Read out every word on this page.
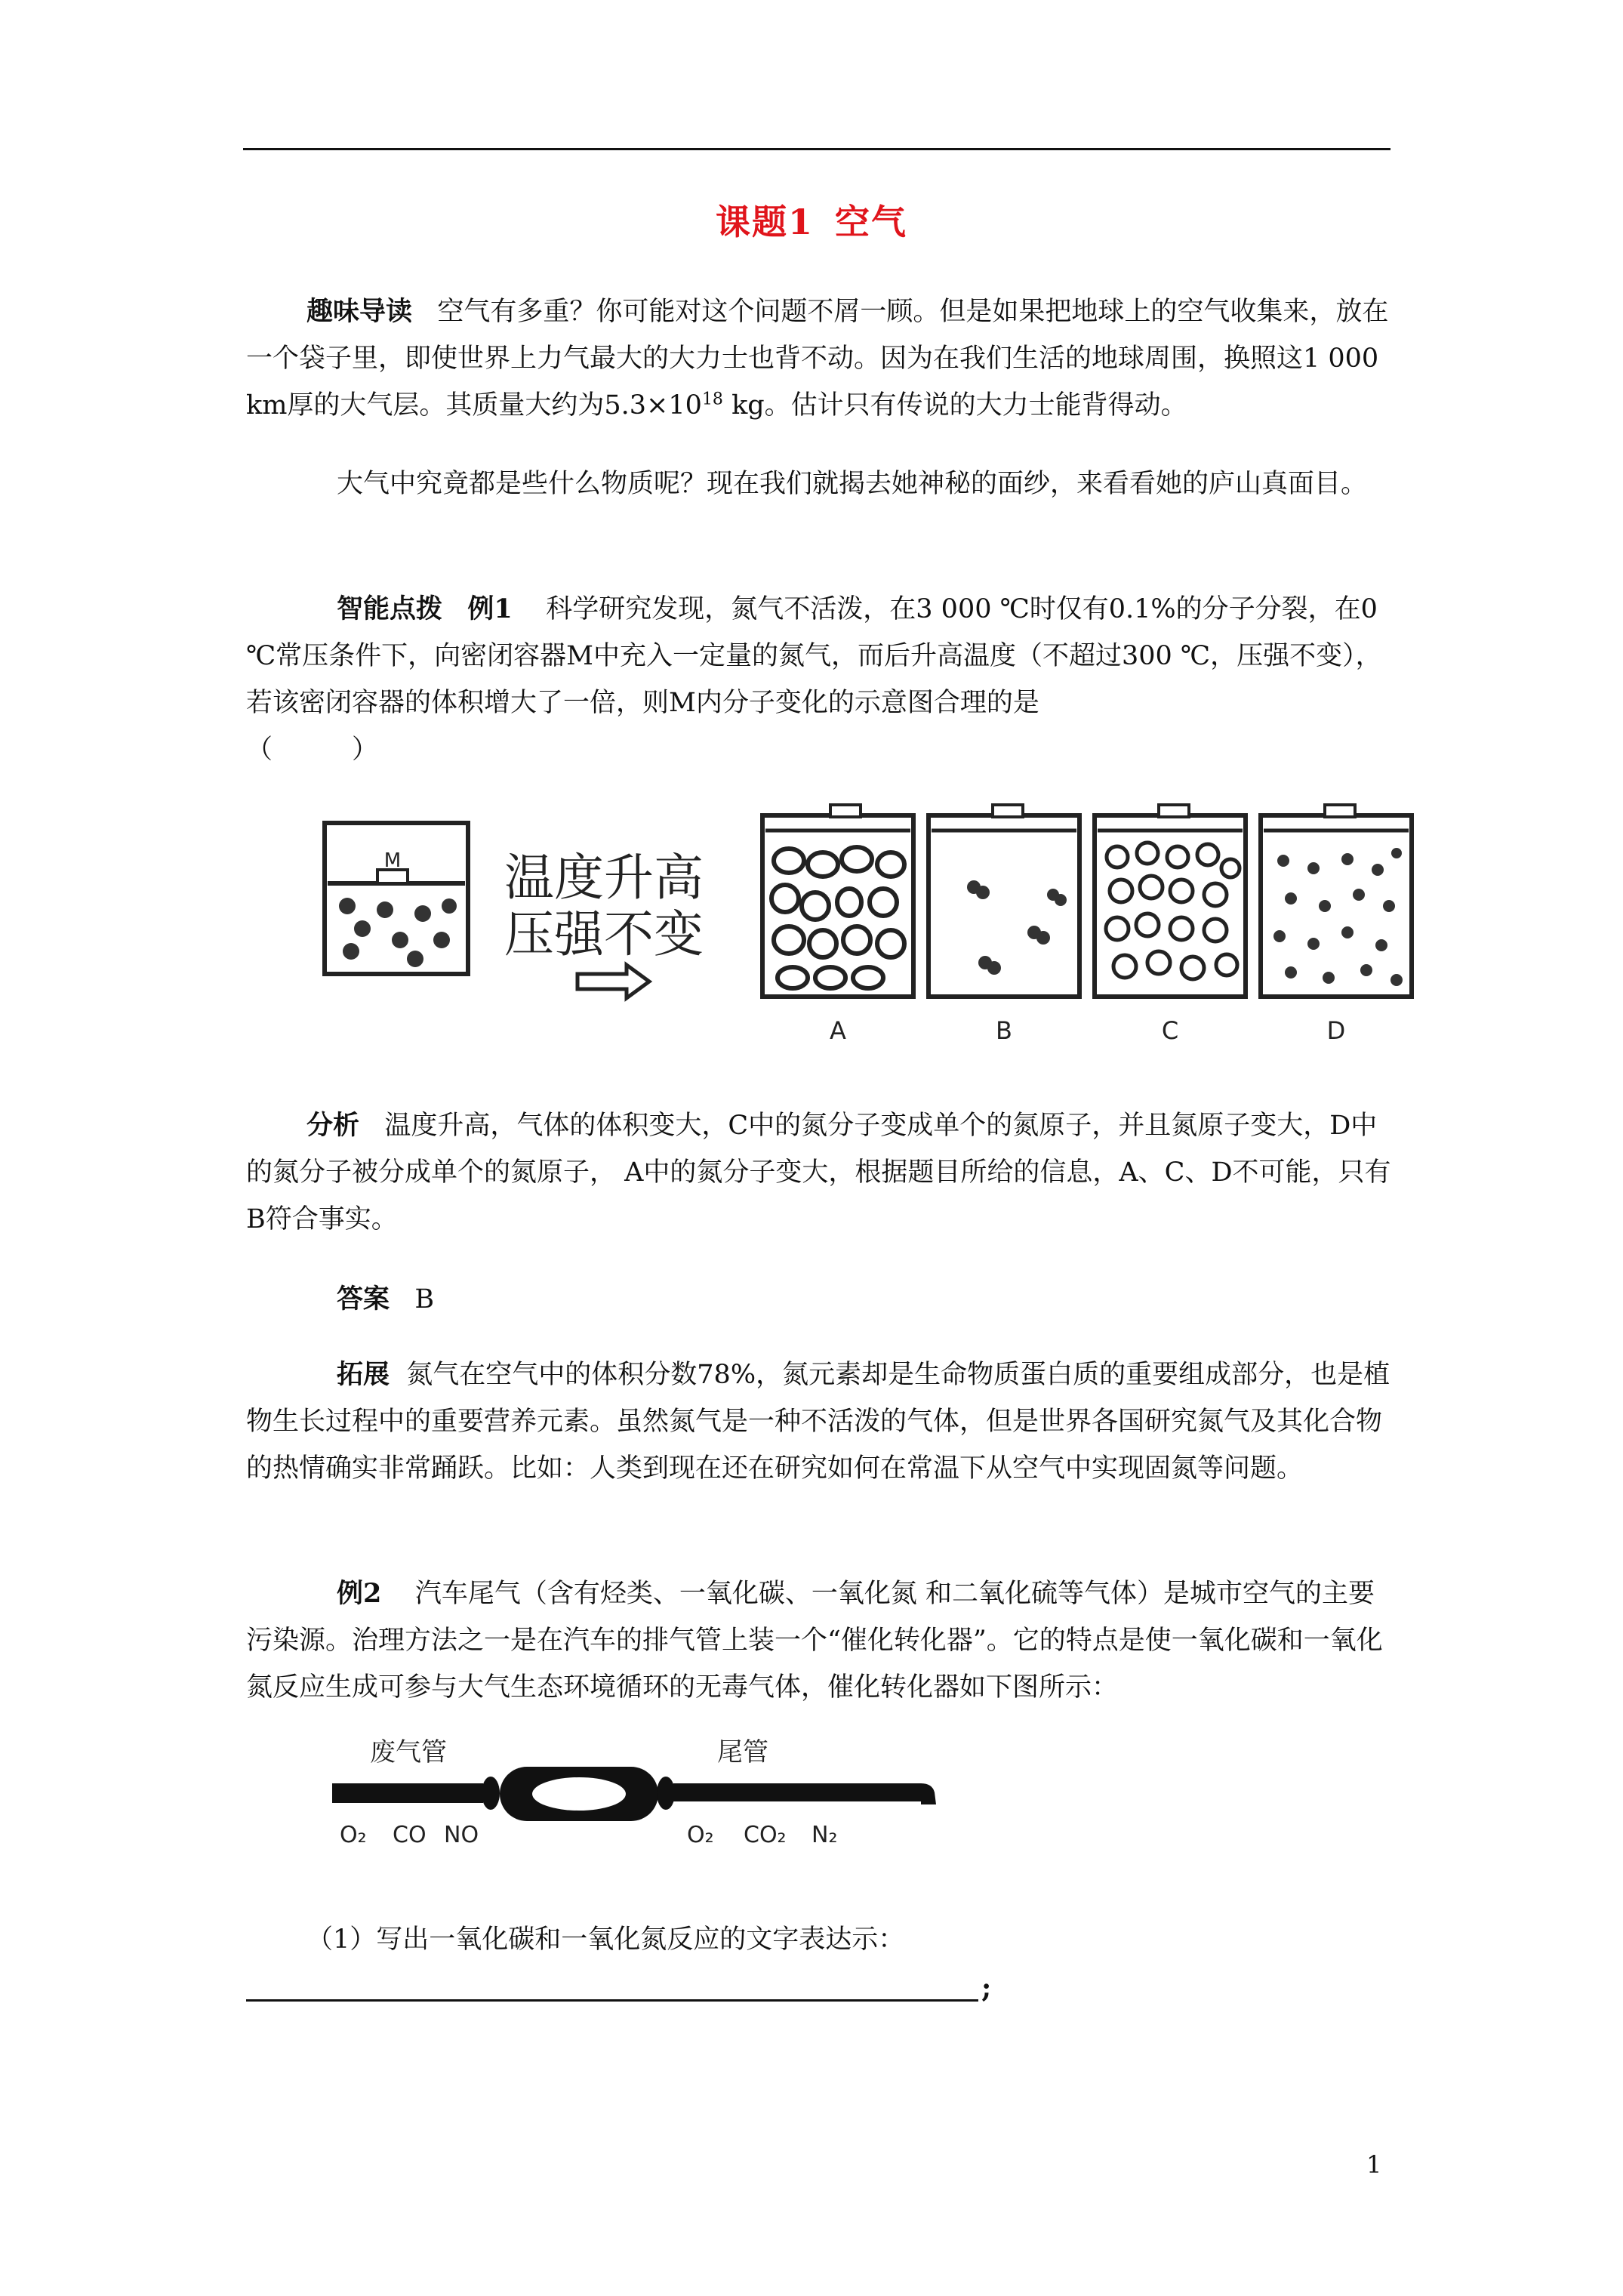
课题1 空气
趣味导读 空气有多重？你可能对这个问题不屑一顾。但是如果把地球上的空气收集来，放在一个袋子里，即使世界上力气最大的大力士也背不动。因为在我们生活的地球周围，换照这1 000 km厚的大气层。其质量大约为$5.3\times 10^{18}$ kg。估计只有传说的大力士能背得动。
大气中究竟都是些什么物质呢？现在我们就揭去她神秘的面纱，来看看她的庐山真面目。
智能点拨 例1 科学研究发现，氮气不活泼，在3 000 ℃时仅有0.1%的分子分裂，在0 ℃常压条件下，向密闭容器M中充入一定量的氮气，而后升高温度（不超过300 ℃，压强不变）， 若该密闭容器的体积增大了一倍，则M内分子变化的示意图合理的是
（　　　）
M 温度升高
压强不变
A	B	C	D
分析 温度升高，气体的体积变大，C中的氮分子变成单个的氮原子，并且氮原子变大，D中的氮分子被分成单个的氮原子， A中的氮分子变大，根据题目所给的信息，A、C、D不可能，只有B符合事实。
答案 B
拓展 氮气在空气中的体积分数78%，氮元素却是生命物质蛋白质的重要组成部分，也是植物生长过程中的重要营养元素。虽然氮气是一种不活泼的气体，但是世界各国研究氮气及其化合物的热情确实非常踊跃。比如：人类到现在还在研究如何在常温下从空气中实现固氮等问题。
例2 汽车尾气（含有烃类、一氧化碳、一氧化氮 和二氧化硫等气体）是城市空气的主要污染源。治理方法之一是在汽车的排气管上装一个“催化转化器”。它的特点是使一氧化碳和一氧化氮反应生成可参与大气生态环境循环的无毒气体，催化转化器如下图所示：
废气管	尾管
O₂ CO NO	O₂ CO₂ N₂
（1）写出一氧化碳和一氧化氮反应的文字表达示：
;
1
